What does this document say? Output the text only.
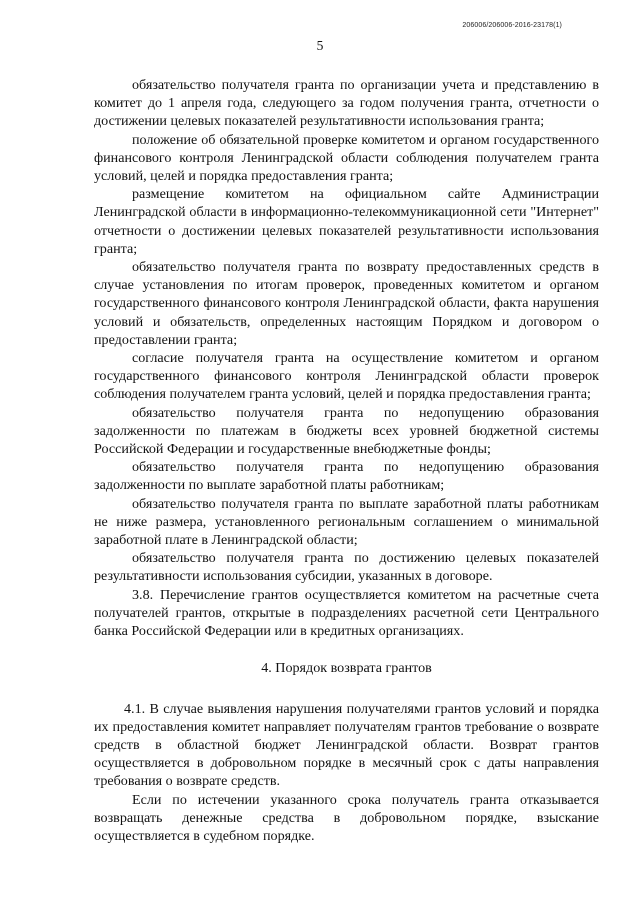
206006/206006-2016-23178(1)
5

обязательство получателя гранта по организации учета и представлению в комитет до 1 апреля года, следующего за годом получения гранта, отчетности о достижении целевых показателей результативности использования гранта;

положение об обязательной проверке комитетом и органом государственного финансового контроля Ленинградской области соблюдения получателем гранта условий, целей и порядка предоставления гранта;

размещение комитетом на официальном сайте Администрации Ленинградской области в информационно-телекоммуникационной сети "Интернет" отчетности о достижении целевых показателей результативности использования гранта;

обязательство получателя гранта по возврату предоставленных средств в случае установления по итогам проверок, проведенных комитетом и органом государственного финансового контроля Ленинградской области, факта нарушения условий и обязательств, определенных настоящим Порядком и договором о предоставлении гранта;

согласие получателя гранта на осуществление комитетом и органом государственного финансового контроля Ленинградской области проверок соблюдения получателем гранта условий, целей и порядка предоставления гранта;

обязательство получателя гранта по недопущению образования задолженности по платежам в бюджеты всех уровней бюджетной системы Российской Федерации и государственные внебюджетные фонды;

обязательство получателя гранта по недопущению образования задолженности по выплате заработной платы работникам;

обязательство получателя гранта по выплате заработной платы работникам не ниже размера, установленного региональным соглашением о минимальной заработной плате в Ленинградской области;

обязательство получателя гранта по достижению целевых показателей результативности использования субсидии, указанных в договоре.

3.8. Перечисление грантов осуществляется комитетом на расчетные счета получателей грантов, открытые в подразделениях расчетной сети Центрального банка Российской Федерации или в кредитных организациях.

4. Порядок возврата грантов

4.1. В случае выявления нарушения получателями грантов условий и порядка их предоставления комитет направляет получателям грантов требование о возврате средств в областной бюджет Ленинградской области. Возврат грантов осуществляется в добровольном порядке в месячный срок с даты направления требования о возврате средств.

Если по истечении указанного срока получатель гранта отказывается возвращать денежные средства в добровольном порядке, взыскание осуществляется в судебном порядке.
